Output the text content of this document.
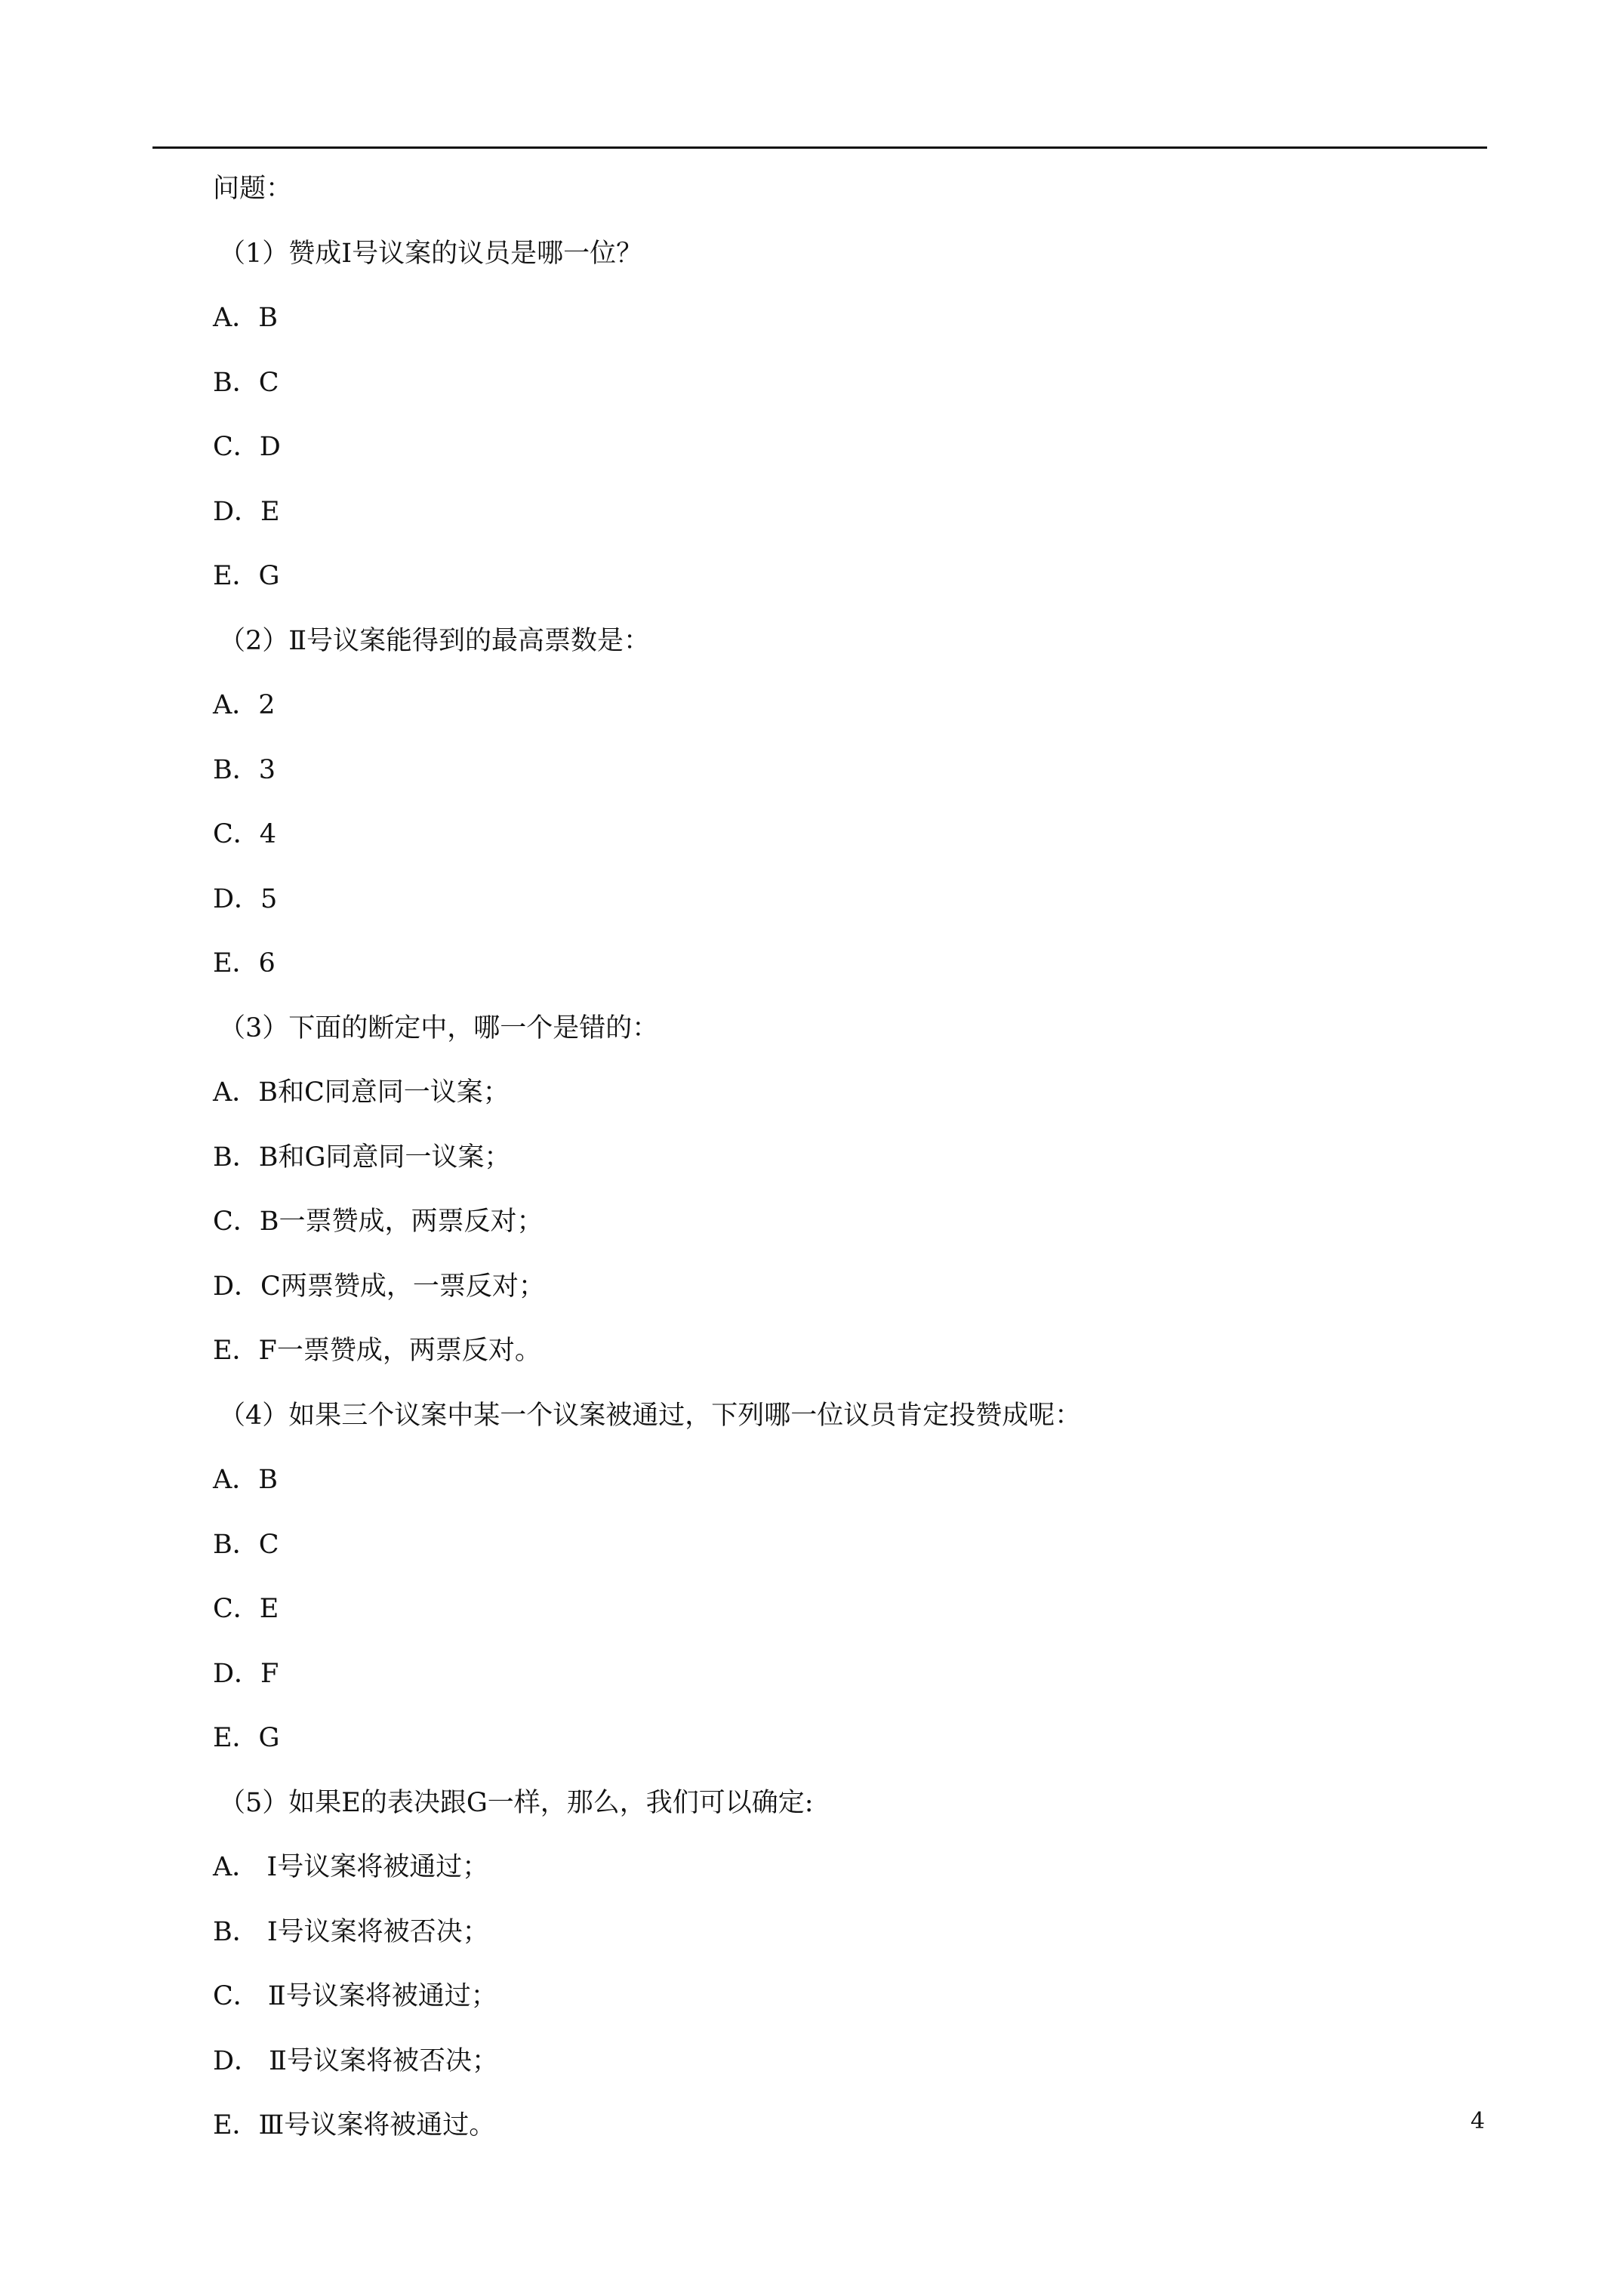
问题：
（1）赞成Ⅰ号议案的议员是哪一位？
A．B
B．C
C．D
D．E
E．G
（2）Ⅱ号议案能得到的最高票数是：
A．2
B．3
C．4
D．5
E．6
（3）下面的断定中，哪一个是错的：
A．B和C同意同一议案；
B．B和G同意同一议案；
C．B一票赞成，两票反对；
D．C两票赞成，一票反对；
E．F一票赞成，两票反对。
（4）如果三个议案中某一个议案被通过，下列哪一位议员肯定投赞成呢：
A．B
B．C
C．E
D．F
E．G
（5）如果E的表决跟G一样，那么，我们可以确定:
A． Ⅰ号议案将被通过；
B． Ⅰ号议案将被否决；
C． Ⅱ号议案将被通过；
D． Ⅱ号议案将被否决；
E．Ⅲ号议案将被通过。	4
